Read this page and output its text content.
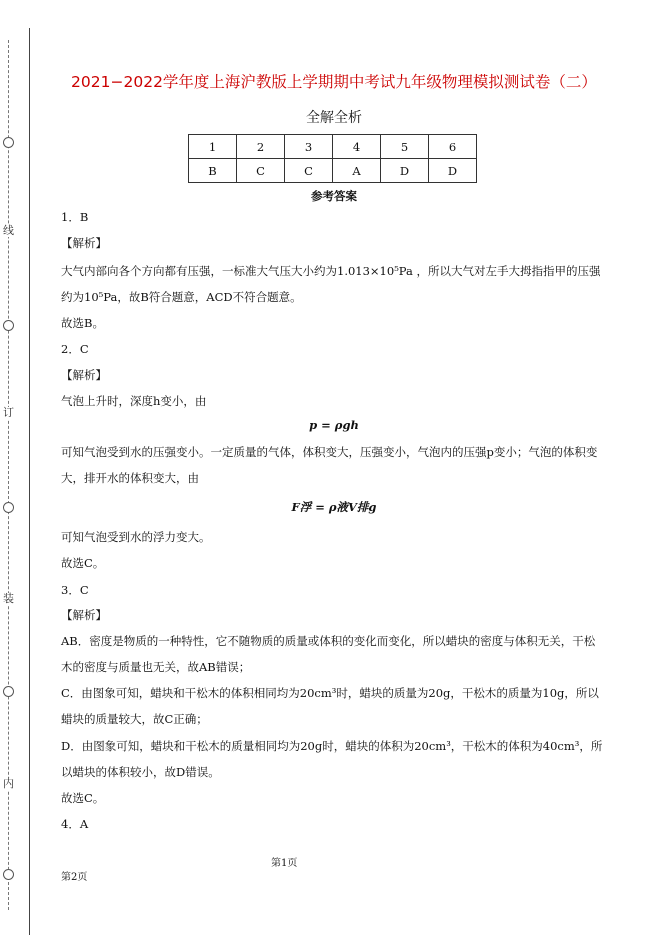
线
订
装
内
2021−2022学年度上海沪教版上学期期中考试九年级物理模拟测试卷（二）
全解全析
1	2	3	4	5	6
B	C	C	A	D	D
参考答案
1．B
【解析】
大气内部向各个方向都有压强，一标准大气压大小约为1.013×10⁵Pa ，所以大气对左手大拇指指甲的压强
约为10⁵Pa，故B符合题意，ACD不符合题意。
故选B。
2．C
【解析】
气泡上升时，深度h变小，由
p = ρgh
可知气泡受到水的压强变小。一定质量的气体，体积变大，压强变小，气泡内的压强p变小；气泡的体积变
大，排开水的体积变大，由
F浮 = ρ液V排g
可知气泡受到水的浮力变大。
故选C。
3．C
【解析】
AB．密度是物质的一种特性，它不随物质的质量或体积的变化而变化，所以蜡块的密度与体积无关，干松
木的密度与质量也无关，故AB错误；
C．由图象可知，蜡块和干松木的体积相同均为20cm³时，蜡块的质量为20g，干松木的质量为10g，所以
蜡块的质量较大，故C正确；
D．由图象可知，蜡块和干松木的质量相同均为20g时，蜡块的体积为20cm³，干松木的体积为40cm³，所
以蜡块的体积较小，故D错误。
故选C。
4．A
第1页
第2页
